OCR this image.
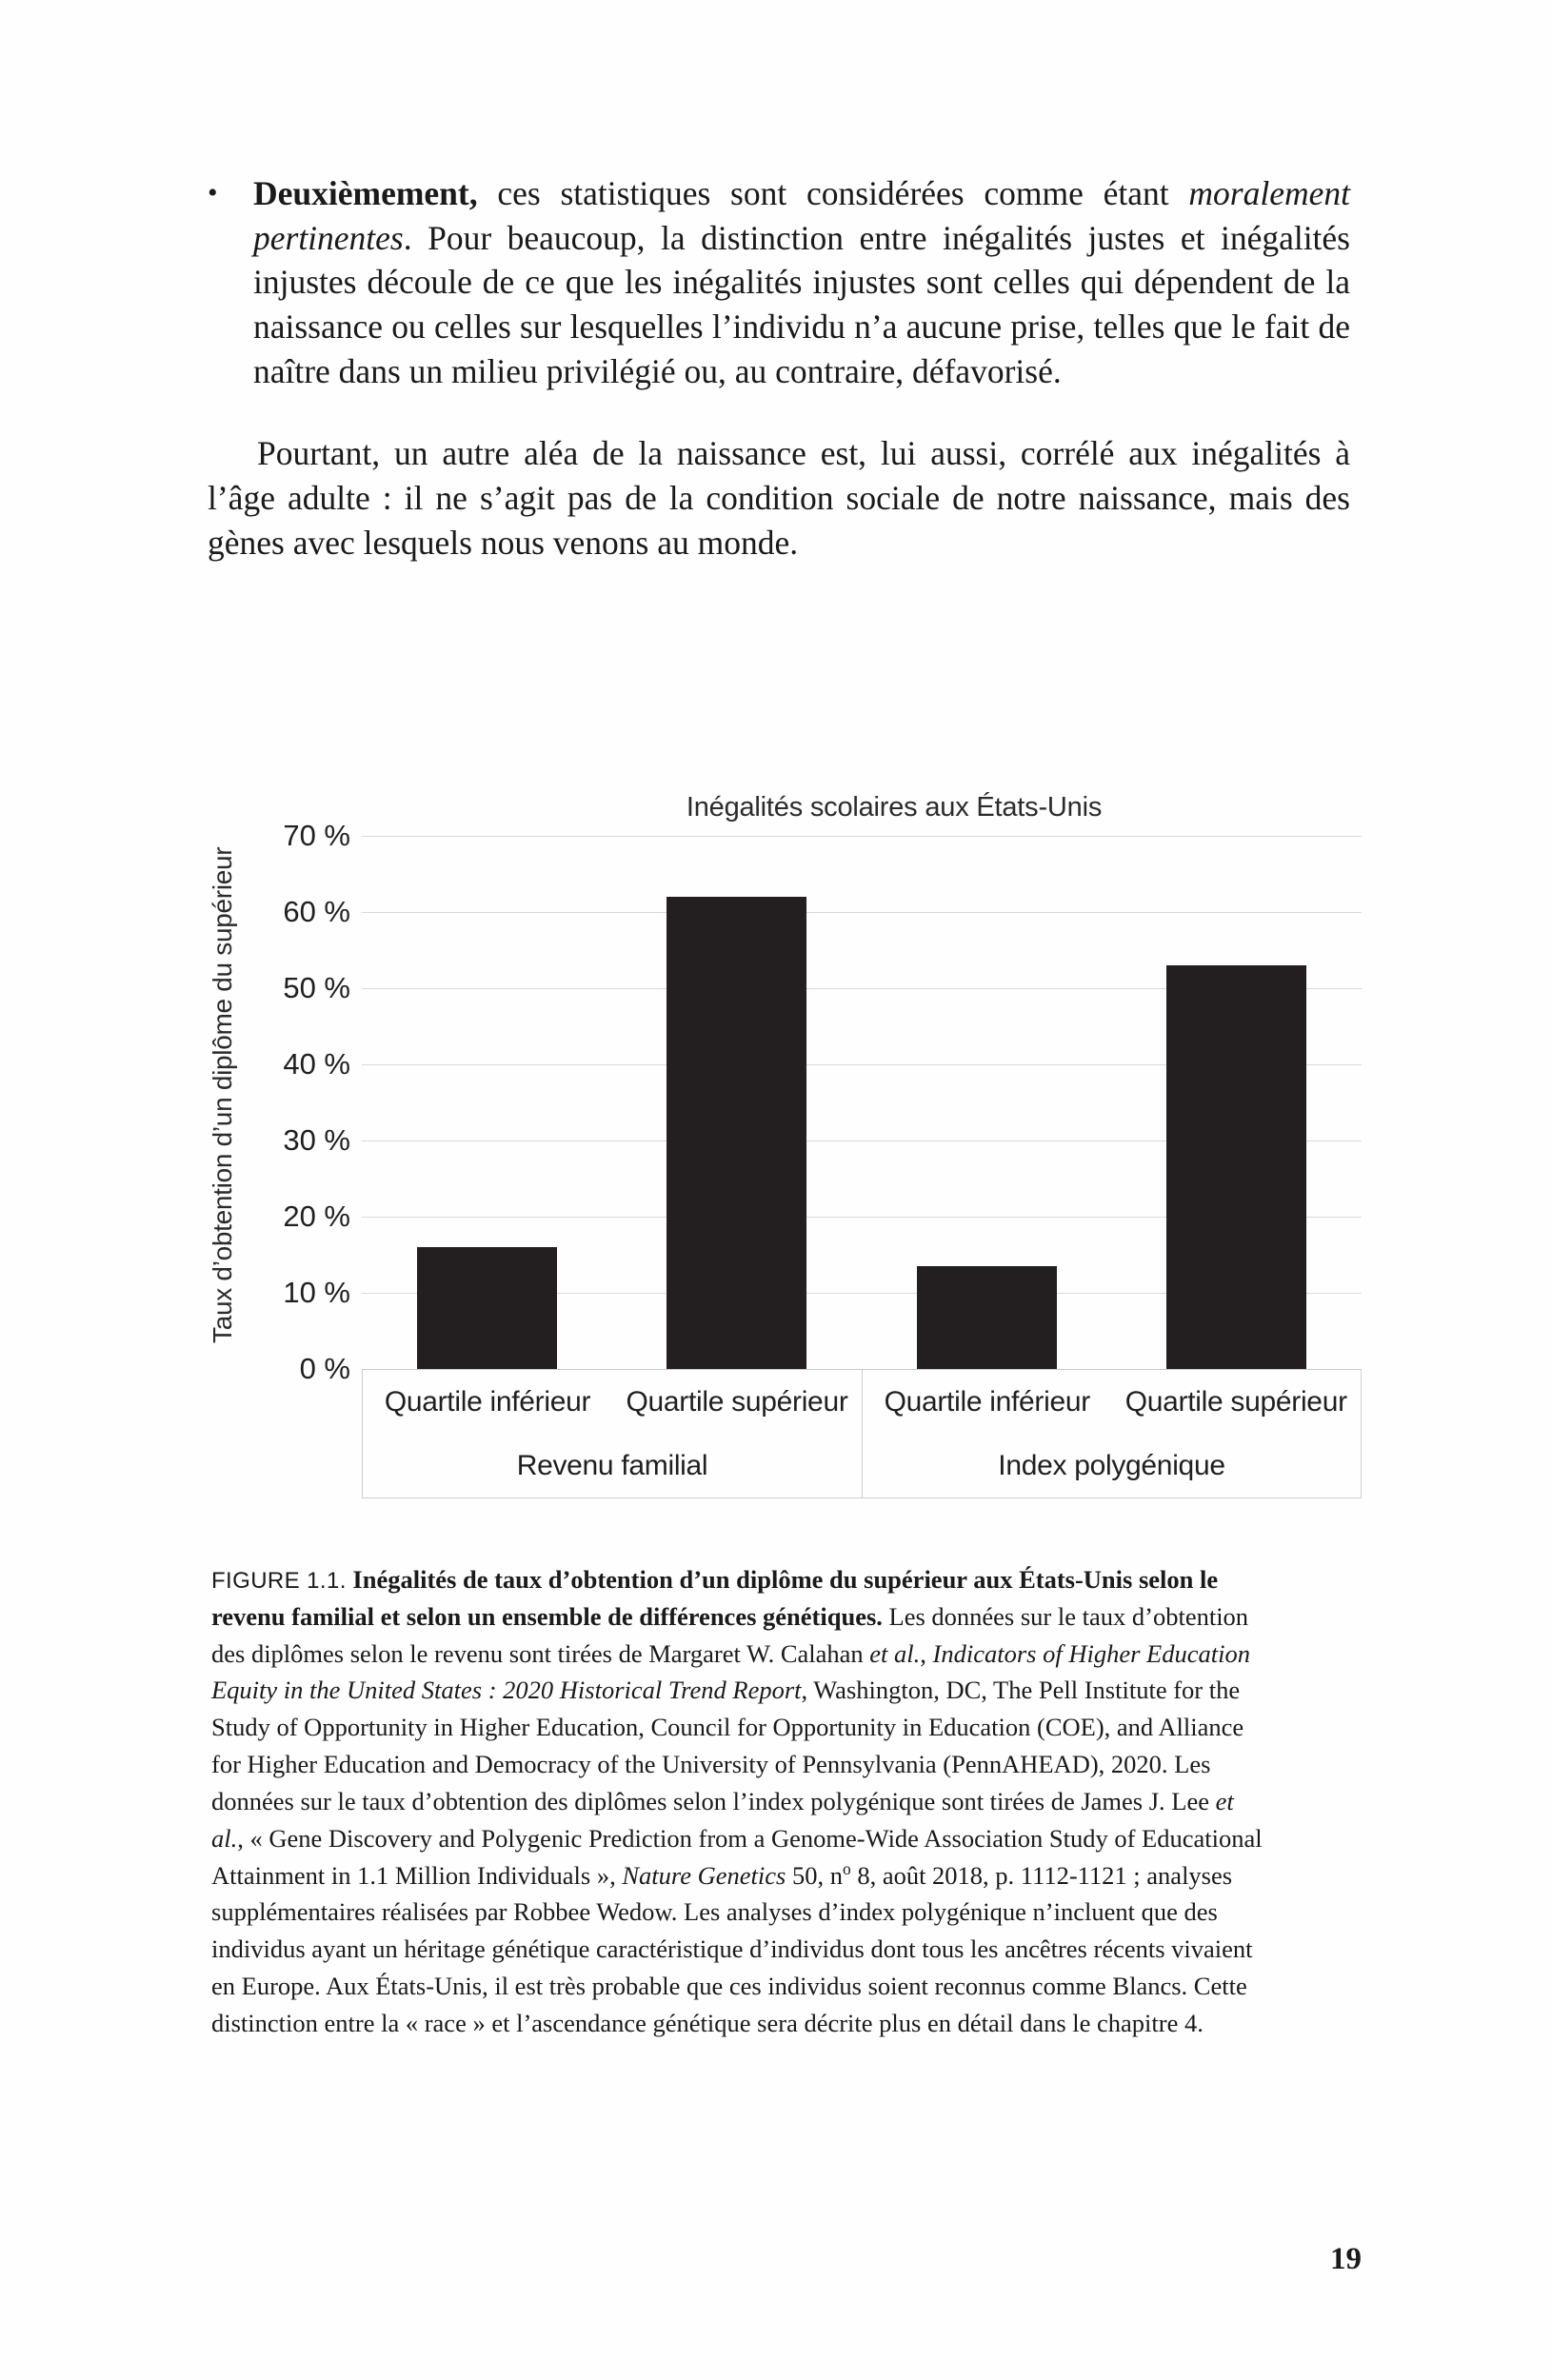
•	Deuxièmement, ces statistiques sont considérées comme étant moralement pertinentes. Pour beaucoup, la distinction entre inégalités justes et inégalités injustes découle de ce que les inégalités injustes sont celles qui dépendent de la naissance ou celles sur lesquelles l’individu n’a aucune prise, telles que le fait de naître dans un milieu privilégié ou, au contraire, défavorisé.

Pourtant, un autre aléa de la naissance est, lui aussi, corrélé aux inégalités à l’âge adulte : il ne s’agit pas de la condition sociale de notre naissance, mais des gènes avec lesquels nous venons au monde.

Inégalités scolaires aux États-Unis
Taux d’obtention d’un diplôme du supérieur
70 %
60 %
50 %
40 %
30 %
20 %
10 %
0 %
Quartile inférieur	Quartile supérieur
Revenu familial
Quartile inférieur	Quartile supérieur
Index polygénique
FIGURE 1.1. Inégalités de taux d’obtention d’un diplôme du supérieur aux États-Unis selon le revenu familial et selon un ensemble de différences génétiques. Les données sur le taux d’obtention des diplômes selon le revenu sont tirées de Margaret W. Calahan et al., Indicators of Higher Education Equity in the United States : 2020 Historical Trend Report, Washington, DC, The Pell Institute for the Study of Opportunity in Higher Education, Council for Opportunity in Education (COE), and Alliance for Higher Education and Democracy of the University of Pennsylvania (PennAHEAD), 2020. Les données sur le taux d’obtention des diplômes selon l’index polygénique sont tirées de James J. Lee et al., « Gene Discovery and Polygenic Prediction from a Genome-Wide Association Study of Educational Attainment in 1.1 Million Individuals », Nature Genetics 50, $n^o$ 8, août 2018, p. 1112-1121 ; analyses supplémentaires réalisées par Robbee Wedow. Les analyses d’index polygénique n’incluent que des individus ayant un héritage génétique caractéristique d’individus dont tous les ancêtres récents vivaient en Europe. Aux États-Unis, il est très probable que ces individus soient reconnus comme Blancs. Cette distinction entre la « race » et l’ascendance génétique sera décrite plus en détail dans le chapitre 4.
19
